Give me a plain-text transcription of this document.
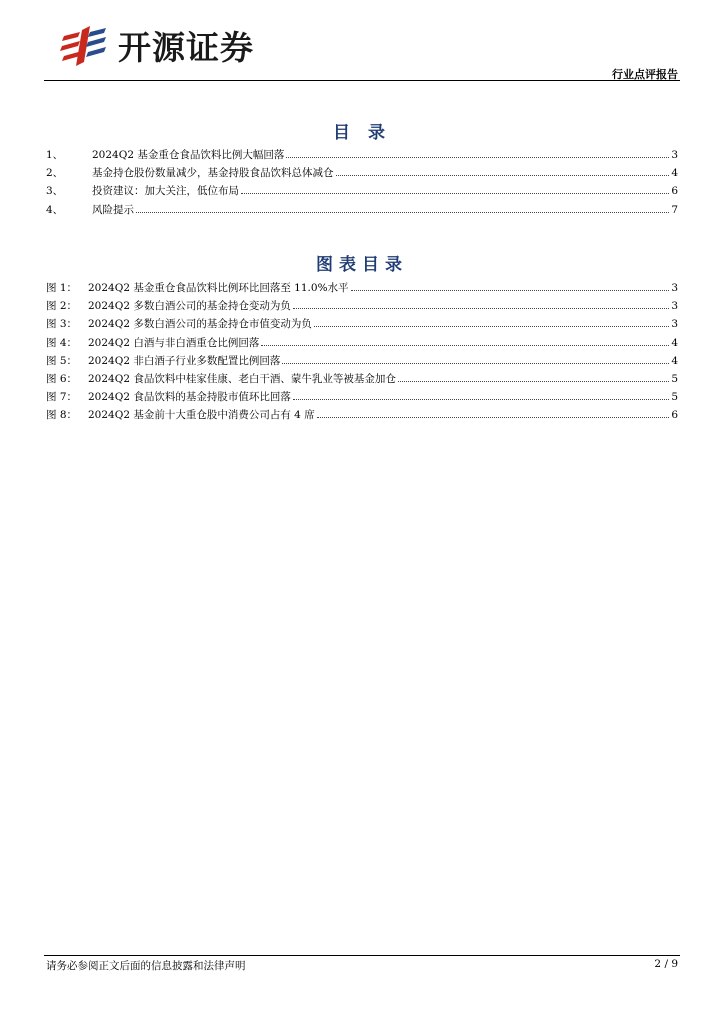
开源证券
行业点评报告
目 录
1、	2024Q2 基金重仓食品饮料比例大幅回落	3
2、	基金持仓股份数量减少，基金持股食品饮料总体减仓	4
3、	投资建议：加大关注，低位布局	6
4、	风险提示	7
图表目录
图 1：	2024Q2 基金重仓食品饮料比例环比回落至 11.0%水平	3
图 2：	2024Q2 多数白酒公司的基金持仓变动为负	3
图 3：	2024Q2 多数白酒公司的基金持仓市值变动为负	3
图 4：	2024Q2 白酒与非白酒重仓比例回落	4
图 5：	2024Q2 非白酒子行业多数配置比例回落	4
图 6：	2024Q2 食品饮料中桂家佳康、老白干酒、蒙牛乳业等被基金加仓	5
图 7：	2024Q2 食品饮料的基金持股市值环比回落	5
图 8：	2024Q2 基金前十大重仓股中消费公司占有 4 席	6
请务必参阅正文后面的信息披露和法律声明	2 / 9
